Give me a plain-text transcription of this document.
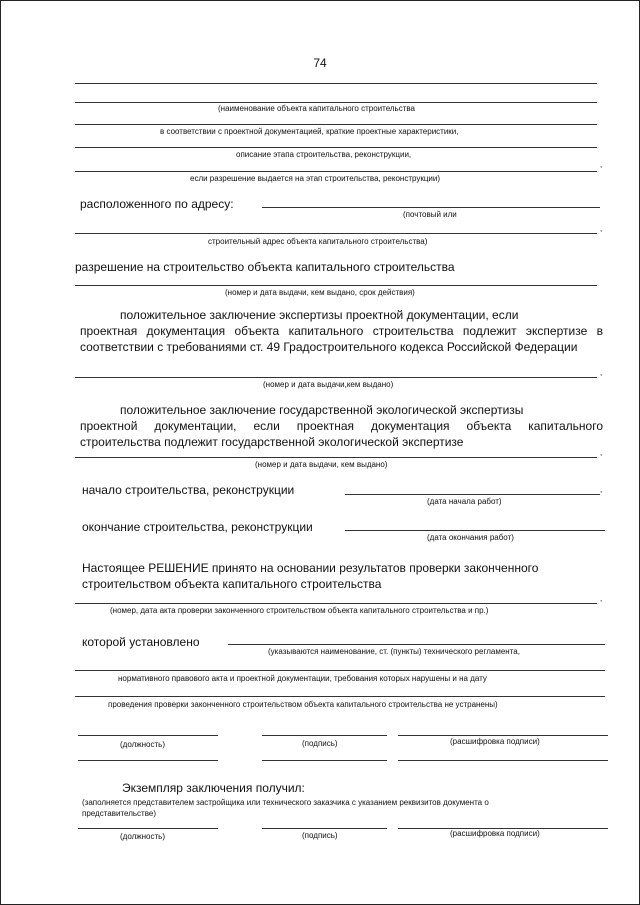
74
(наименование объекта капитального строительства
в соответствии с проектной документацией, краткие проектные характеристики,
описание этапа строительства, реконструкции,
,
если разрешение выдается на этап строительства, реконструкции)
расположенного по адресу:
(почтовый или
,
строительный адрес объекта капитального строительства)
разрешение на строительство объекта капитального строительства
(номер и дата выдачи, кем выдано, срок действия)
положительное заключение экспертизы проектной документации, если
проектная документация объекта капитального строительства подлежит экспертизе в соответствии с требованиями ст. 49 Градостроительного кодекса Российской Федерации
,
(номер и дата выдачи,кем выдано)
положительное заключение государственной экологической экспертизы
проектной документации, если проектная документация объекта капитального строительства подлежит государственной экологической экспертизе
,
(номер и дата выдачи, кем выдано)
начало строительства, реконструкции	,
(дата начала работ)
окончание строительства, реконструкции
(дата окончания работ)
Настоящее РЕШЕНИЕ принято на основании результатов проверки законченного
строительством объекта капитального строительства
,
(номер, дата акта проверки законченного строительством объекта капитального строительства и пр.)
которой установлено
(указываются наименование, ст. (пункты) технического регламента,
нормативного правового акта и проектной документации, требования которых нарушены и на дату
проведения проверки законченного строительством объекта капитального строительства не устранены)
(должность)	(подпись)	(расшифровка подписи)
Экземпляр заключения получил:
(заполняется представителем застройщика или технического заказчика с указанием реквизитов документа о
представительстве)
(должность)	(подпись)	(расшифровка подписи)
